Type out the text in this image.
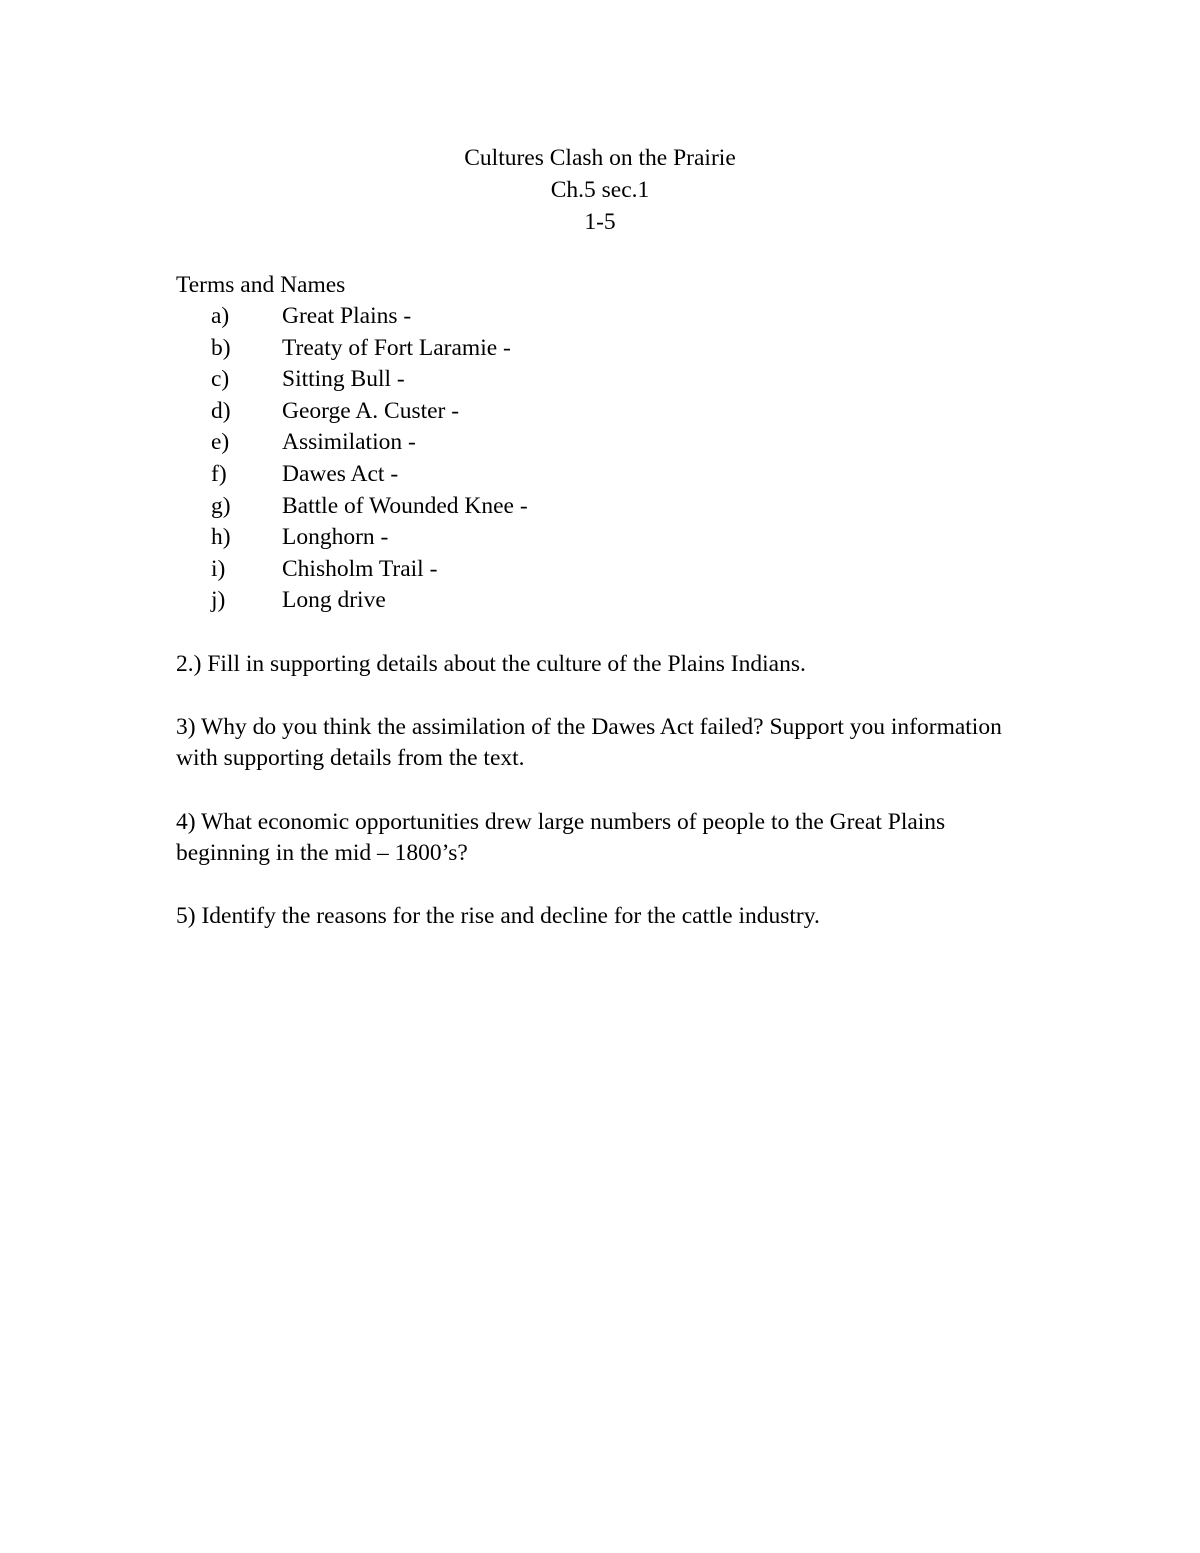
Cultures Clash on the Prairie
Ch.5 sec.1
1-5
Terms and Names
a) Great Plains -
b) Treaty of Fort Laramie -
c) Sitting Bull -
d) George A. Custer -
e) Assimilation -
f) Dawes Act -
g) Battle of Wounded Knee -
h) Longhorn -
i) Chisholm Trail -
j) Long drive
2.) Fill in supporting details about the culture of the Plains Indians.
3) Why do you think the assimilation of the Dawes Act failed? Support you information with supporting details from the text.
4) What economic opportunities drew large numbers of people to the Great Plains beginning in the mid – 1800’s?
5) Identify the reasons for the rise and decline for the cattle industry.
